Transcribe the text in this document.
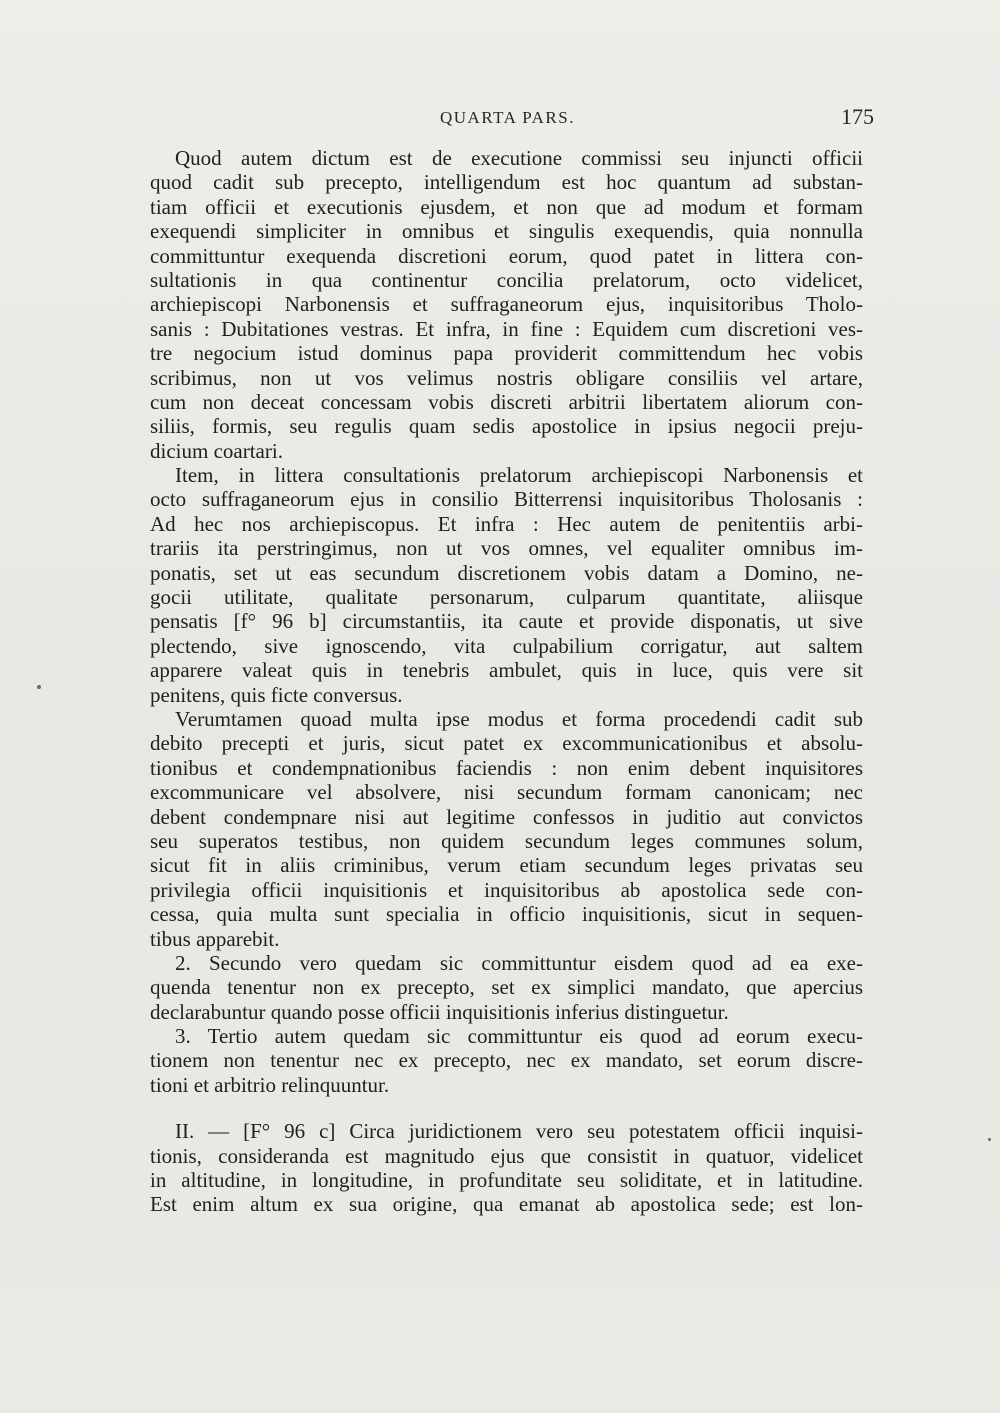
QUARTA PARS.	175
Quod autem dictum est de executione commissi seu injuncti officii
quod cadit sub precepto, intelligendum est hoc quantum ad substan-
tiam officii et executionis ejusdem, et non que ad modum et formam
exequendi simpliciter in omnibus et singulis exequendis, quia nonnulla
committuntur exequenda discretioni eorum, quod patet in littera con-
sultationis in qua continentur concilia prelatorum, octo videlicet,
archiepiscopi Narbonensis et suffraganeorum ejus, inquisitoribus Tholo-
sanis : Dubitationes vestras. Et infra, in fine : Equidem cum discretioni ves-
tre negocium istud dominus papa providerit committendum hec vobis
scribimus, non ut vos velimus nostris obligare consiliis vel artare,
cum non deceat concessam vobis discreti arbitrii libertatem aliorum con-
siliis, formis, seu regulis quam sedis apostolice in ipsius negocii preju-
dicium coartari.
Item, in littera consultationis prelatorum archiepiscopi Narbonensis et
octo suffraganeorum ejus in consilio Bitterrensi inquisitoribus Tholosanis :
Ad hec nos archiepiscopus. Et infra : Hec autem de penitentiis arbi-
trariis ita perstringimus, non ut vos omnes, vel equaliter omnibus im-
ponatis, set ut eas secundum discretionem vobis datam a Domino, ne-
gocii utilitate, qualitate personarum, culparum quantitate, aliisque
pensatis [f° 96 b] circumstantiis, ita caute et provide disponatis, ut sive
plectendo, sive ignoscendo, vita culpabilium corrigatur, aut saltem
apparere valeat quis in tenebris ambulet, quis in luce, quis vere sit
penitens, quis ficte conversus.
Verumtamen quoad multa ipse modus et forma procedendi cadit sub
debito precepti et juris, sicut patet ex excommunicationibus et absolu-
tionibus et condempnationibus faciendis : non enim debent inquisitores
excommunicare vel absolvere, nisi secundum formam canonicam; nec
debent condempnare nisi aut legitime confessos in juditio aut convictos
seu superatos testibus, non quidem secundum leges communes solum,
sicut fit in aliis criminibus, verum etiam secundum leges privatas seu
privilegia officii inquisitionis et inquisitoribus ab apostolica sede con-
cessa, quia multa sunt specialia in officio inquisitionis, sicut in sequen-
tibus apparebit.
2. Secundo vero quedam sic committuntur eisdem quod ad ea exe-
quenda tenentur non ex precepto, set ex simplici mandato, que apercius
declarabuntur quando posse officii inquisitionis inferius distinguetur.
3. Tertio autem quedam sic committuntur eis quod ad eorum execu-
tionem non tenentur nec ex precepto, nec ex mandato, set eorum discre-
tioni et arbitrio relinquuntur.
II. — [F° 96 c] Circa juridictionem vero seu potestatem officii inquisi-
tionis, consideranda est magnitudo ejus que consistit in quatuor, videlicet
in altitudine, in longitudine, in profunditate seu soliditate, et in latitudine.
Est enim altum ex sua origine, qua emanat ab apostolica sede; est lon-
